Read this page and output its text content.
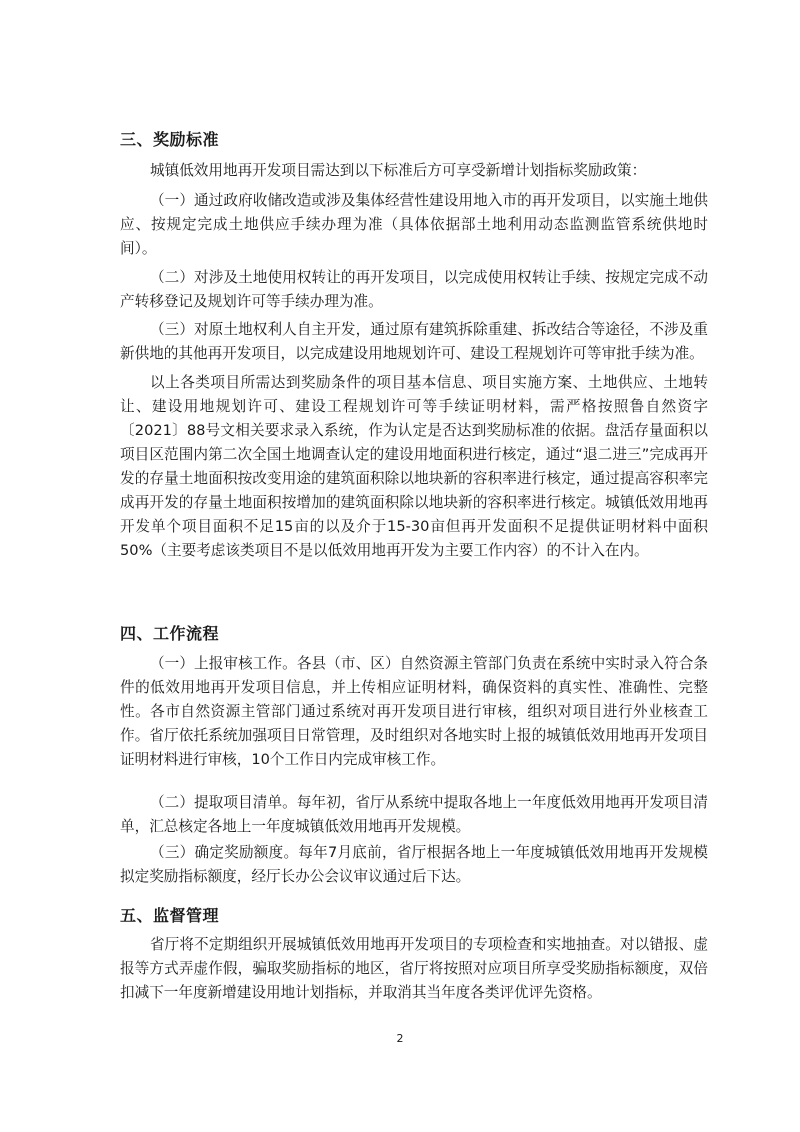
三、奖励标准

城镇低效用地再开发项目需达到以下标准后方可享受新增计划指标奖励政策：

（一）通过政府收储改造或涉及集体经营性建设用地入市的再开发项目，以实施土地供应、按规定完成土地供应手续办理为准（具体依据部土地利用动态监测监管系统供地时间）。

（二）对涉及土地使用权转让的再开发项目，以完成使用权转让手续、按规定完成不动产转移登记及规划许可等手续办理为准。

（三）对原土地权利人自主开发，通过原有建筑拆除重建、拆改结合等途径，不涉及重新供地的其他再开发项目，以完成建设用地规划许可、建设工程规划许可等审批手续为准。

以上各类项目所需达到奖励条件的项目基本信息、项目实施方案、土地供应、土地转让、建设用地规划许可、建设工程规划许可等手续证明材料，需严格按照鲁自然资字〔2021〕88号文相关要求录入系统，作为认定是否达到奖励标准的依据。盘活存量面积以项目区范围内第二次全国土地调查认定的建设用地面积进行核定，通过“退二进三”完成再开发的存量土地面积按改变用途的建筑面积除以地块新的容积率进行核定，通过提高容积率完成再开发的存量土地面积按增加的建筑面积除以地块新的容积率进行核定。城镇低效用地再开发单个项目面积不足15亩的以及介于15-30亩但再开发面积不足提供证明材料中面积50%（主要考虑该类项目不是以低效用地再开发为主要工作内容）的不计入在内。

四、工作流程

（一）上报审核工作。各县（市、区）自然资源主管部门负责在系统中实时录入符合条件的低效用地再开发项目信息，并上传相应证明材料，确保资料的真实性、准确性、完整性。各市自然资源主管部门通过系统对再开发项目进行审核，组织对项目进行外业核查工作。省厅依托系统加强项目日常管理，及时组织对各地实时上报的城镇低效用地再开发项目证明材料进行审核，10个工作日内完成审核工作。

（二）提取项目清单。每年初，省厅从系统中提取各地上一年度低效用地再开发项目清单，汇总核定各地上一年度城镇低效用地再开发规模。

（三）确定奖励额度。每年7月底前，省厅根据各地上一年度城镇低效用地再开发规模拟定奖励指标额度，经厅长办公会议审议通过后下达。

五、监督管理

省厅将不定期组织开展城镇低效用地再开发项目的专项检查和实地抽查。对以错报、虚报等方式弄虚作假，骗取奖励指标的地区，省厅将按照对应项目所享受奖励指标额度，双倍扣减下一年度新增建设用地计划指标，并取消其当年度各类评优评先资格。

2
